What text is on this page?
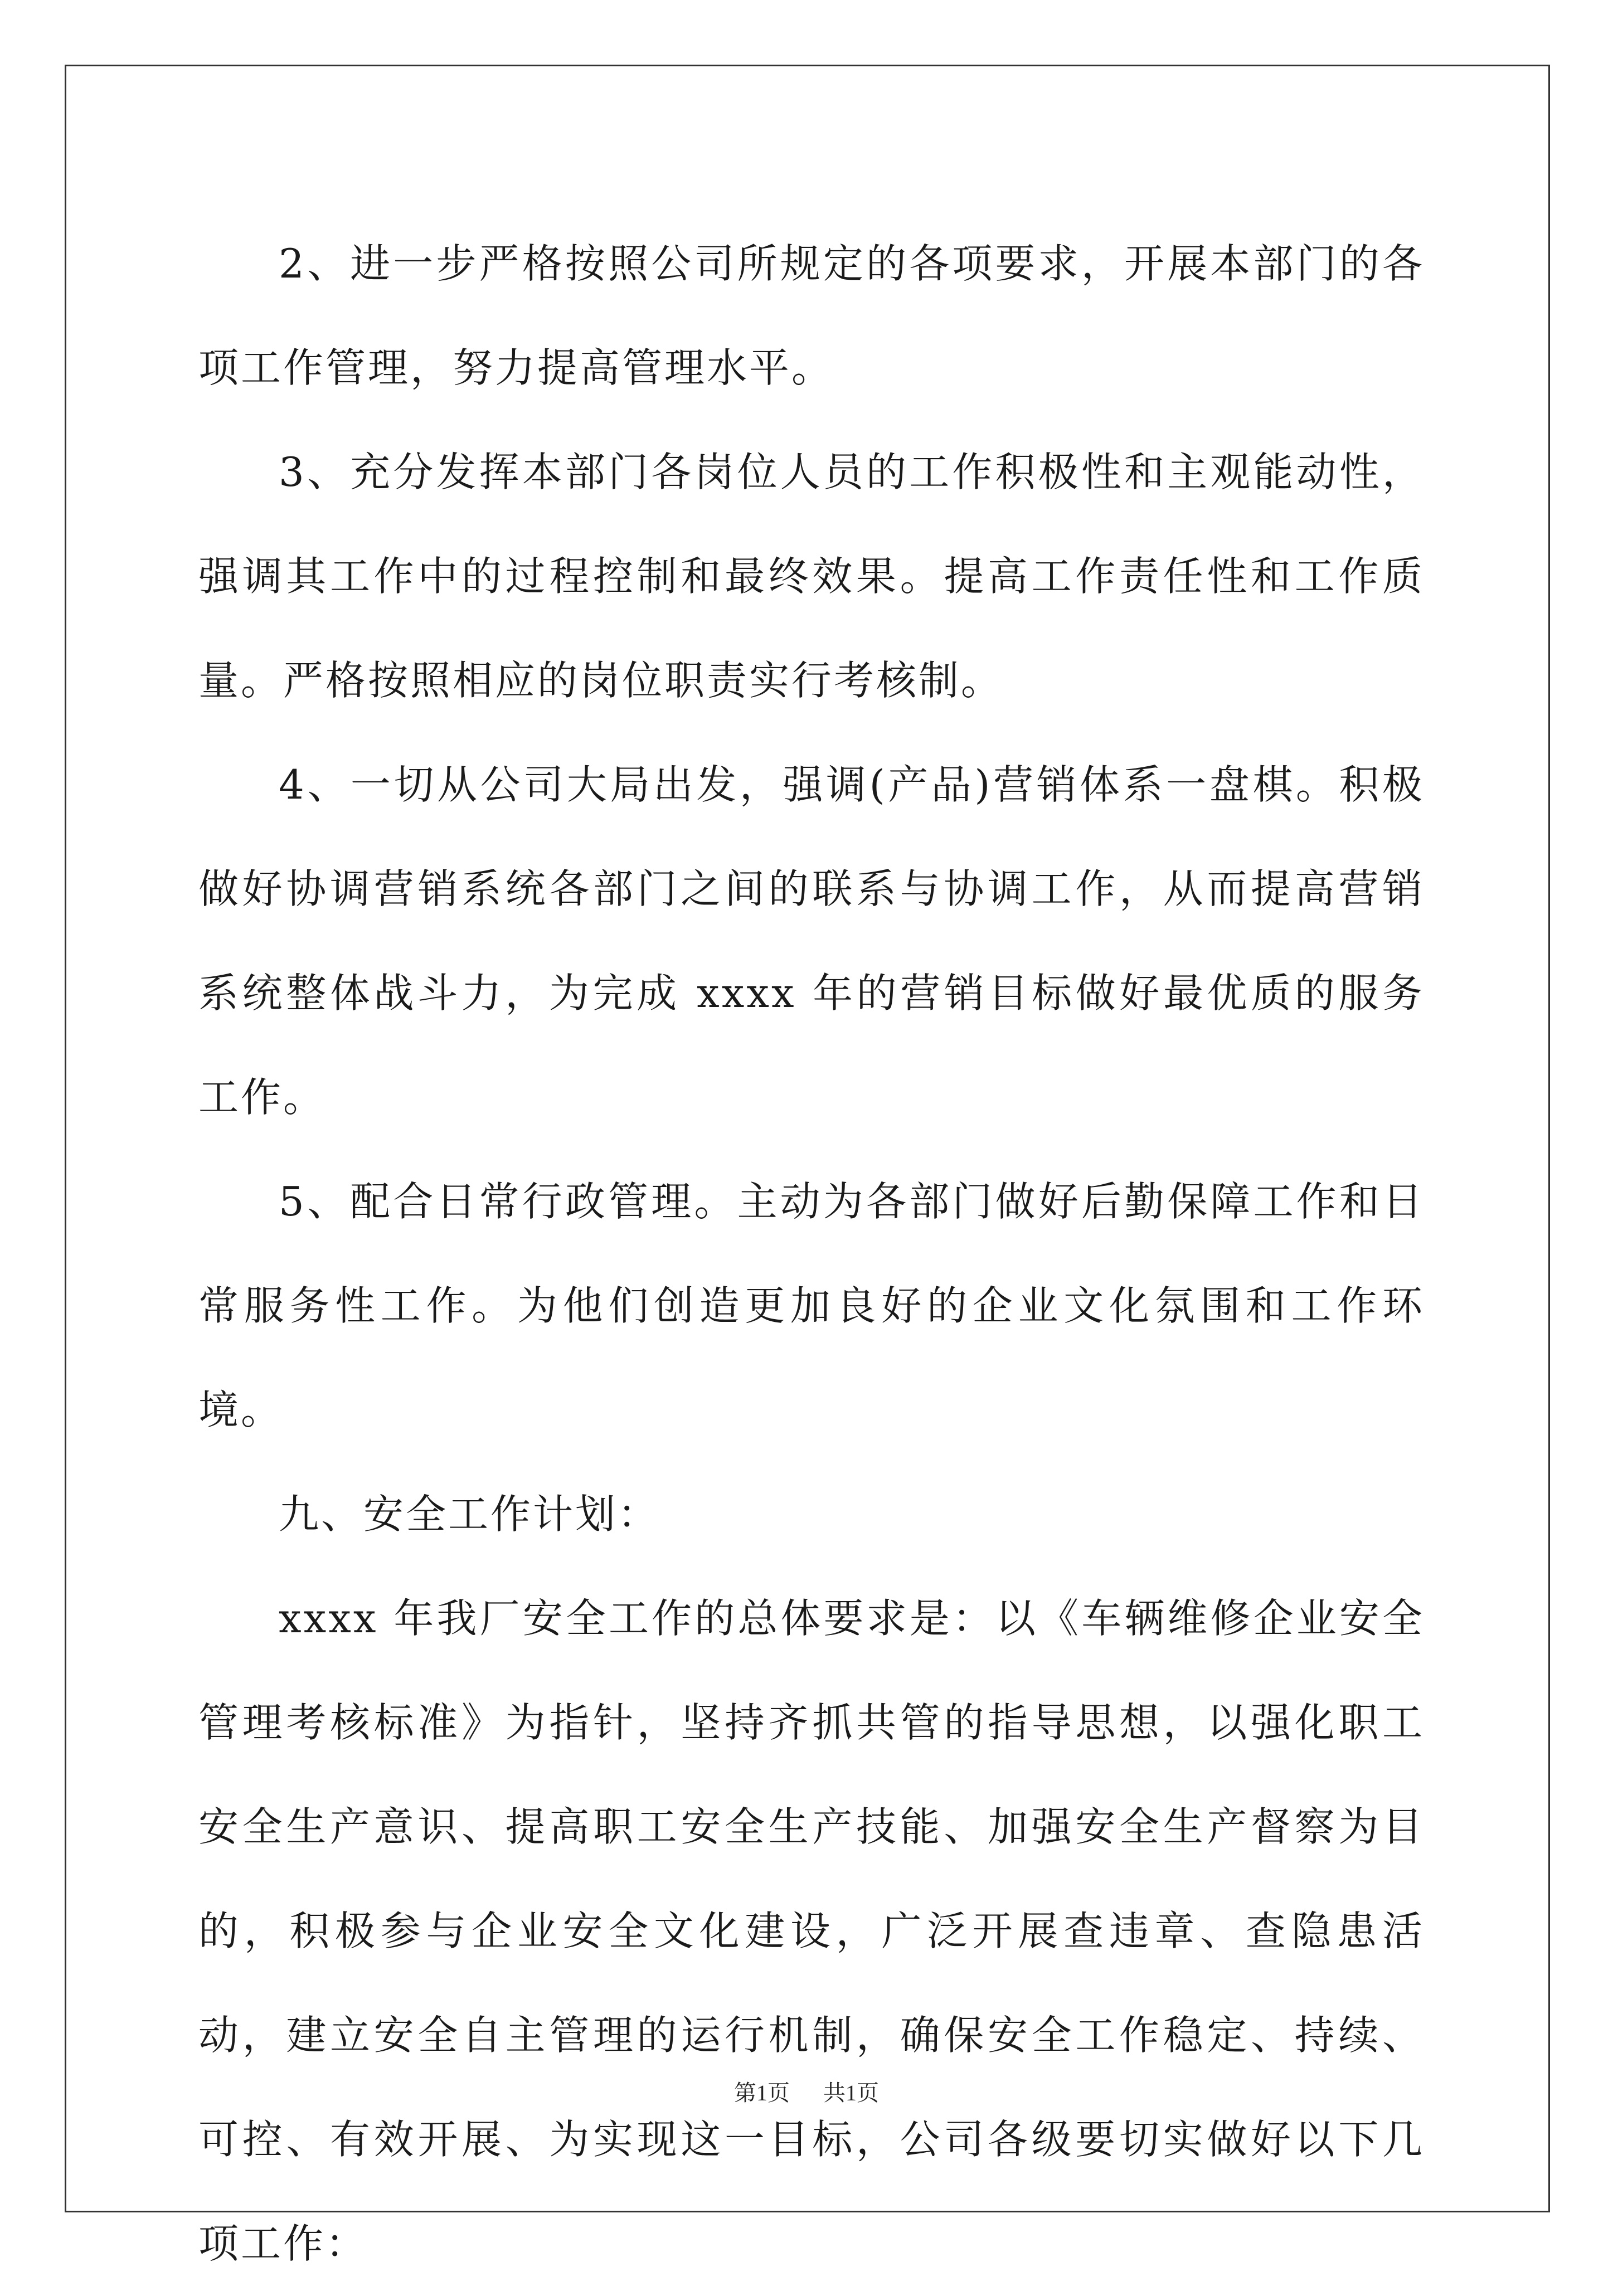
2、进一步严格按照公司所规定的各项要求，开展本部门的各项工作管理，努力提高管理水平。

3、充分发挥本部门各岗位人员的工作积极性和主观能动性，强调其工作中的过程控制和最终效果。提高工作责任性和工作质量。严格按照相应的岗位职责实行考核制。

4、一切从公司大局出发，强调(产品)营销体系一盘棋。积极做好协调营销系统各部门之间的联系与协调工作，从而提高营销系统整体战斗力，为完成 xxxx 年的营销目标做好最优质的服务工作。

5、配合日常行政管理。主动为各部门做好后勤保障工作和日常服务性工作。为他们创造更加良好的企业文化氛围和工作环境。

九、安全工作计划：

xxxx 年我厂安全工作的总体要求是：以《车辆维修企业安全管理考核标准》为指针，坚持齐抓共管的指导思想，以强化职工安全生产意识、提高职工安全生产技能、加强安全生产督察为目的，积极参与企业安全文化建设，广泛开展查违章、查隐患活动，建立安全自主管理的运行机制，确保安全工作稳定、持续、可控、有效开展、为实现这一目标，公司各级要切实做好以下几项工作：

第1页 共1页
